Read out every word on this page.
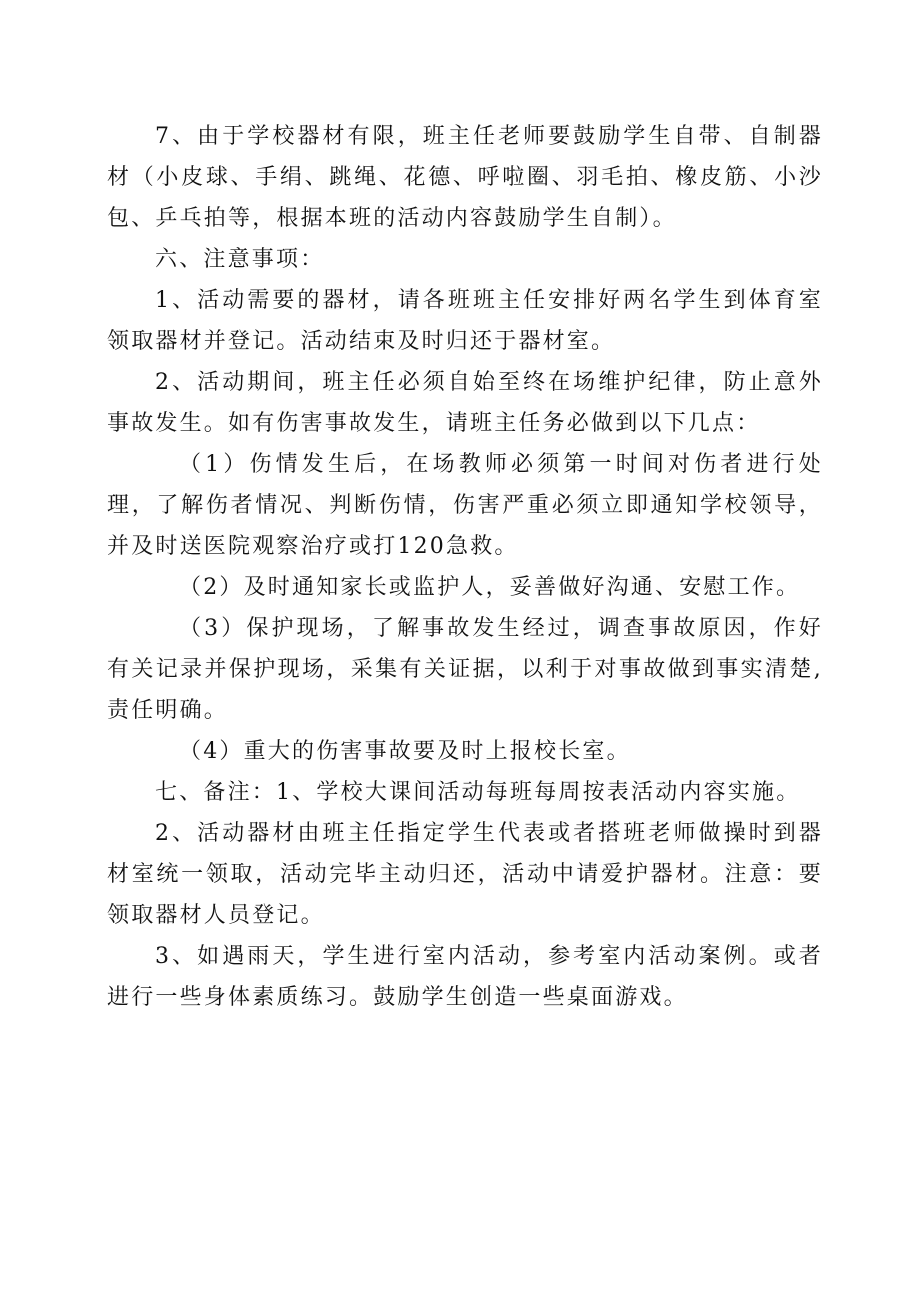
7、由于学校器材有限，班主任老师要鼓励学生自带、自制器材（小皮球、手绢、跳绳、花德、呼啦圈、羽毛拍、橡皮筋、小沙包、乒乓拍等，根据本班的活动内容鼓励学生自制）。

六、注意事项：

1、活动需要的器材，请各班班主任安排好两名学生到体育室领取器材并登记。活动结束及时归还于器材室。

2、活动期间，班主任必须自始至终在场维护纪律，防止意外事故发生。如有伤害事故发生，请班主任务必做到以下几点：

（1）伤情发生后，在场教师必须第一时间对伤者进行处理，了解伤者情况、判断伤情，伤害严重必须立即通知学校领导，并及时送医院观察治疗或打120急救。

（2）及时通知家长或监护人，妥善做好沟通、安慰工作。

（3）保护现场，了解事故发生经过，调查事故原因，作好有关记录并保护现场，采集有关证据，以利于对事故做到事实清楚,责任明确。

（4）重大的伤害事故要及时上报校长室。

七、备注：1、学校大课间活动每班每周按表活动内容实施。

2、活动器材由班主任指定学生代表或者搭班老师做操时到器材室统一领取，活动完毕主动归还，活动中请爱护器材。注意：要领取器材人员登记。

3、如遇雨天，学生进行室内活动，参考室内活动案例。或者进行一些身体素质练习。鼓励学生创造一些桌面游戏。
